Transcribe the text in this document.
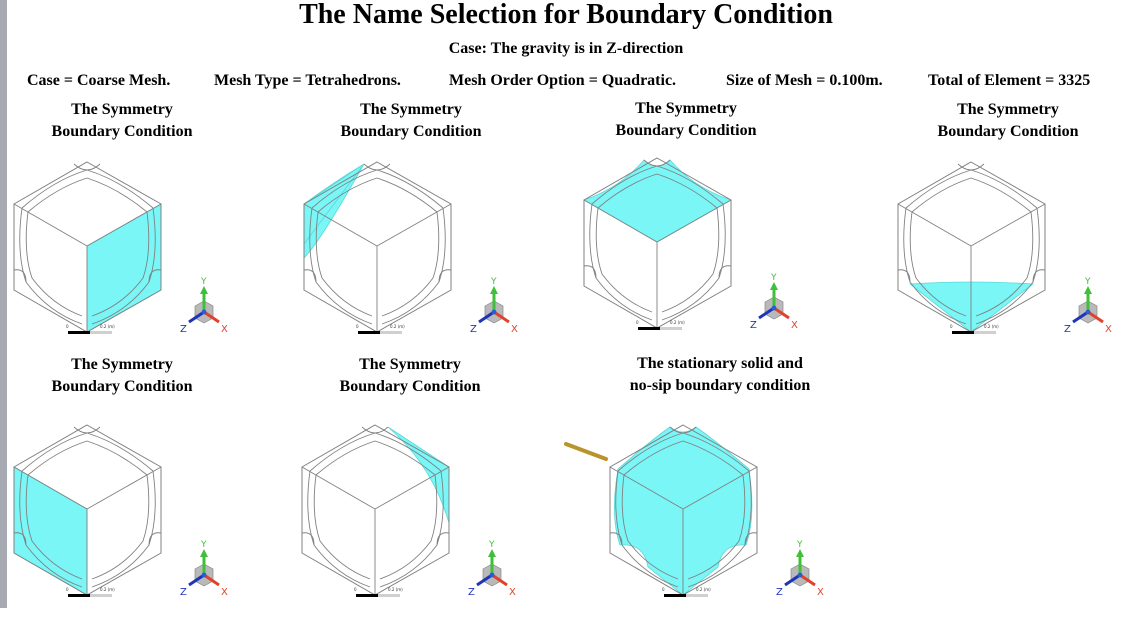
The Name Selection for Boundary Condition
Case: The gravity is in Z-direction
Case = Coarse Mesh.	Mesh Type = Tetrahedrons.	Mesh Order Option = Quadratic.	Size of Mesh = 0.100m.	Total of Element = 3325
The Symmetry
Boundary Condition
The Symmetry
Boundary Condition
The Symmetry
Boundary Condition
The Symmetry
Boundary Condition
The Symmetry
Boundary Condition
The Symmetry
Boundary Condition
The stationary solid and
no-sip boundary condition
0	0.2 (m)	X
Y
Z	0	0.2 (m)	X
Y
Z
0	0.2 (m)	X
Y
Z	0	0.2 (m)	X
Y
Z
0	0.2 (m)	X
Y
Z	0	0.2 (m)	X
Y
Z	0	0.2 (m)	X
Y
Z
